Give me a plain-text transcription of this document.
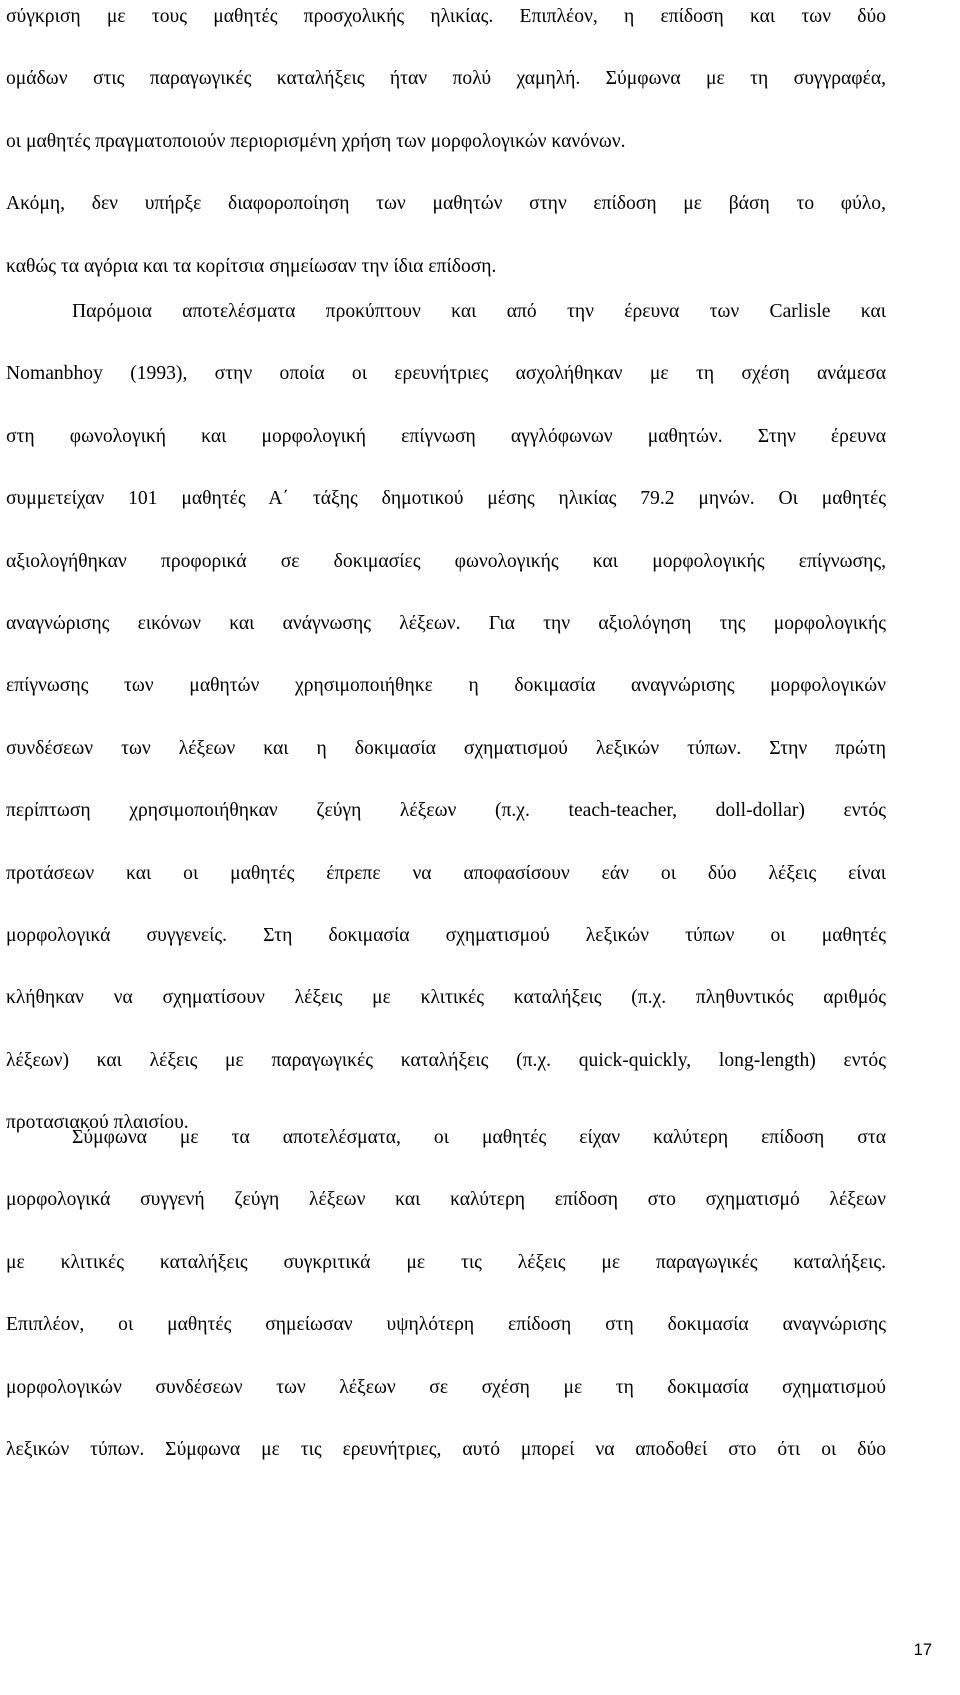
σύγκριση με τους μαθητές προσχολικής ηλικίας. Επιπλέον, η επίδοση και των δύο
ομάδων στις παραγωγικές καταλήξεις ήταν πολύ χαμηλή. Σύμφωνα με τη συγγραφέα,
οι μαθητές πραγματοποιούν περιορισμένη χρήση των μορφολογικών κανόνων.
Ακόμη, δεν υπήρξε διαφοροποίηση των μαθητών στην επίδοση με βάση το φύλο,
καθώς τα αγόρια και τα κορίτσια σημείωσαν την ίδια επίδοση.
Παρόμοια αποτελέσματα προκύπτουν και από την έρευνα των Carlisle και
Nomanbhoy (1993), στην οποία οι ερευνήτριες ασχολήθηκαν με τη σχέση ανάμεσα
στη φωνολογική και μορφολογική επίγνωση αγγλόφωνων μαθητών. Στην έρευνα
συμμετείχαν 101 μαθητές Α΄ τάξης δημοτικού μέσης ηλικίας 79.2 μηνών. Οι μαθητές
αξιολογήθηκαν προφορικά σε δοκιμασίες φωνολογικής και μορφολογικής επίγνωσης,
αναγνώρισης εικόνων και ανάγνωσης λέξεων. Για την αξιολόγηση της μορφολογικής
επίγνωσης των μαθητών χρησιμοποιήθηκε η δοκιμασία αναγνώρισης μορφολογικών
συνδέσεων των λέξεων και η δοκιμασία σχηματισμού λεξικών τύπων. Στην πρώτη
περίπτωση χρησιμοποιήθηκαν ζεύγη λέξεων (π.χ. teach-teacher, doll-dollar) εντός
προτάσεων και οι μαθητές έπρεπε να αποφασίσουν εάν οι δύο λέξεις είναι
μορφολογικά συγγενείς. Στη δοκιμασία σχηματισμού λεξικών τύπων οι μαθητές
κλήθηκαν να σχηματίσουν λέξεις με κλιτικές καταλήξεις (π.χ. πληθυντικός αριθμός
λέξεων) και λέξεις με παραγωγικές καταλήξεις (π.χ. quick-quickly, long-length) εντός
προτασιακού πλαισίου.
Σύμφωνα με τα αποτελέσματα, οι μαθητές είχαν καλύτερη επίδοση στα
μορφολογικά συγγενή ζεύγη λέξεων και καλύτερη επίδοση στο σχηματισμό λέξεων
με κλιτικές καταλήξεις συγκριτικά με τις λέξεις με παραγωγικές καταλήξεις.
Επιπλέον, οι μαθητές σημείωσαν υψηλότερη επίδοση στη δοκιμασία αναγνώρισης
μορφολογικών συνδέσεων των λέξεων σε σχέση με τη δοκιμασία σχηματισμού
λεξικών τύπων. Σύμφωνα με τις ερευνήτριες, αυτό μπορεί να αποδοθεί στο ότι οι δύο
17
